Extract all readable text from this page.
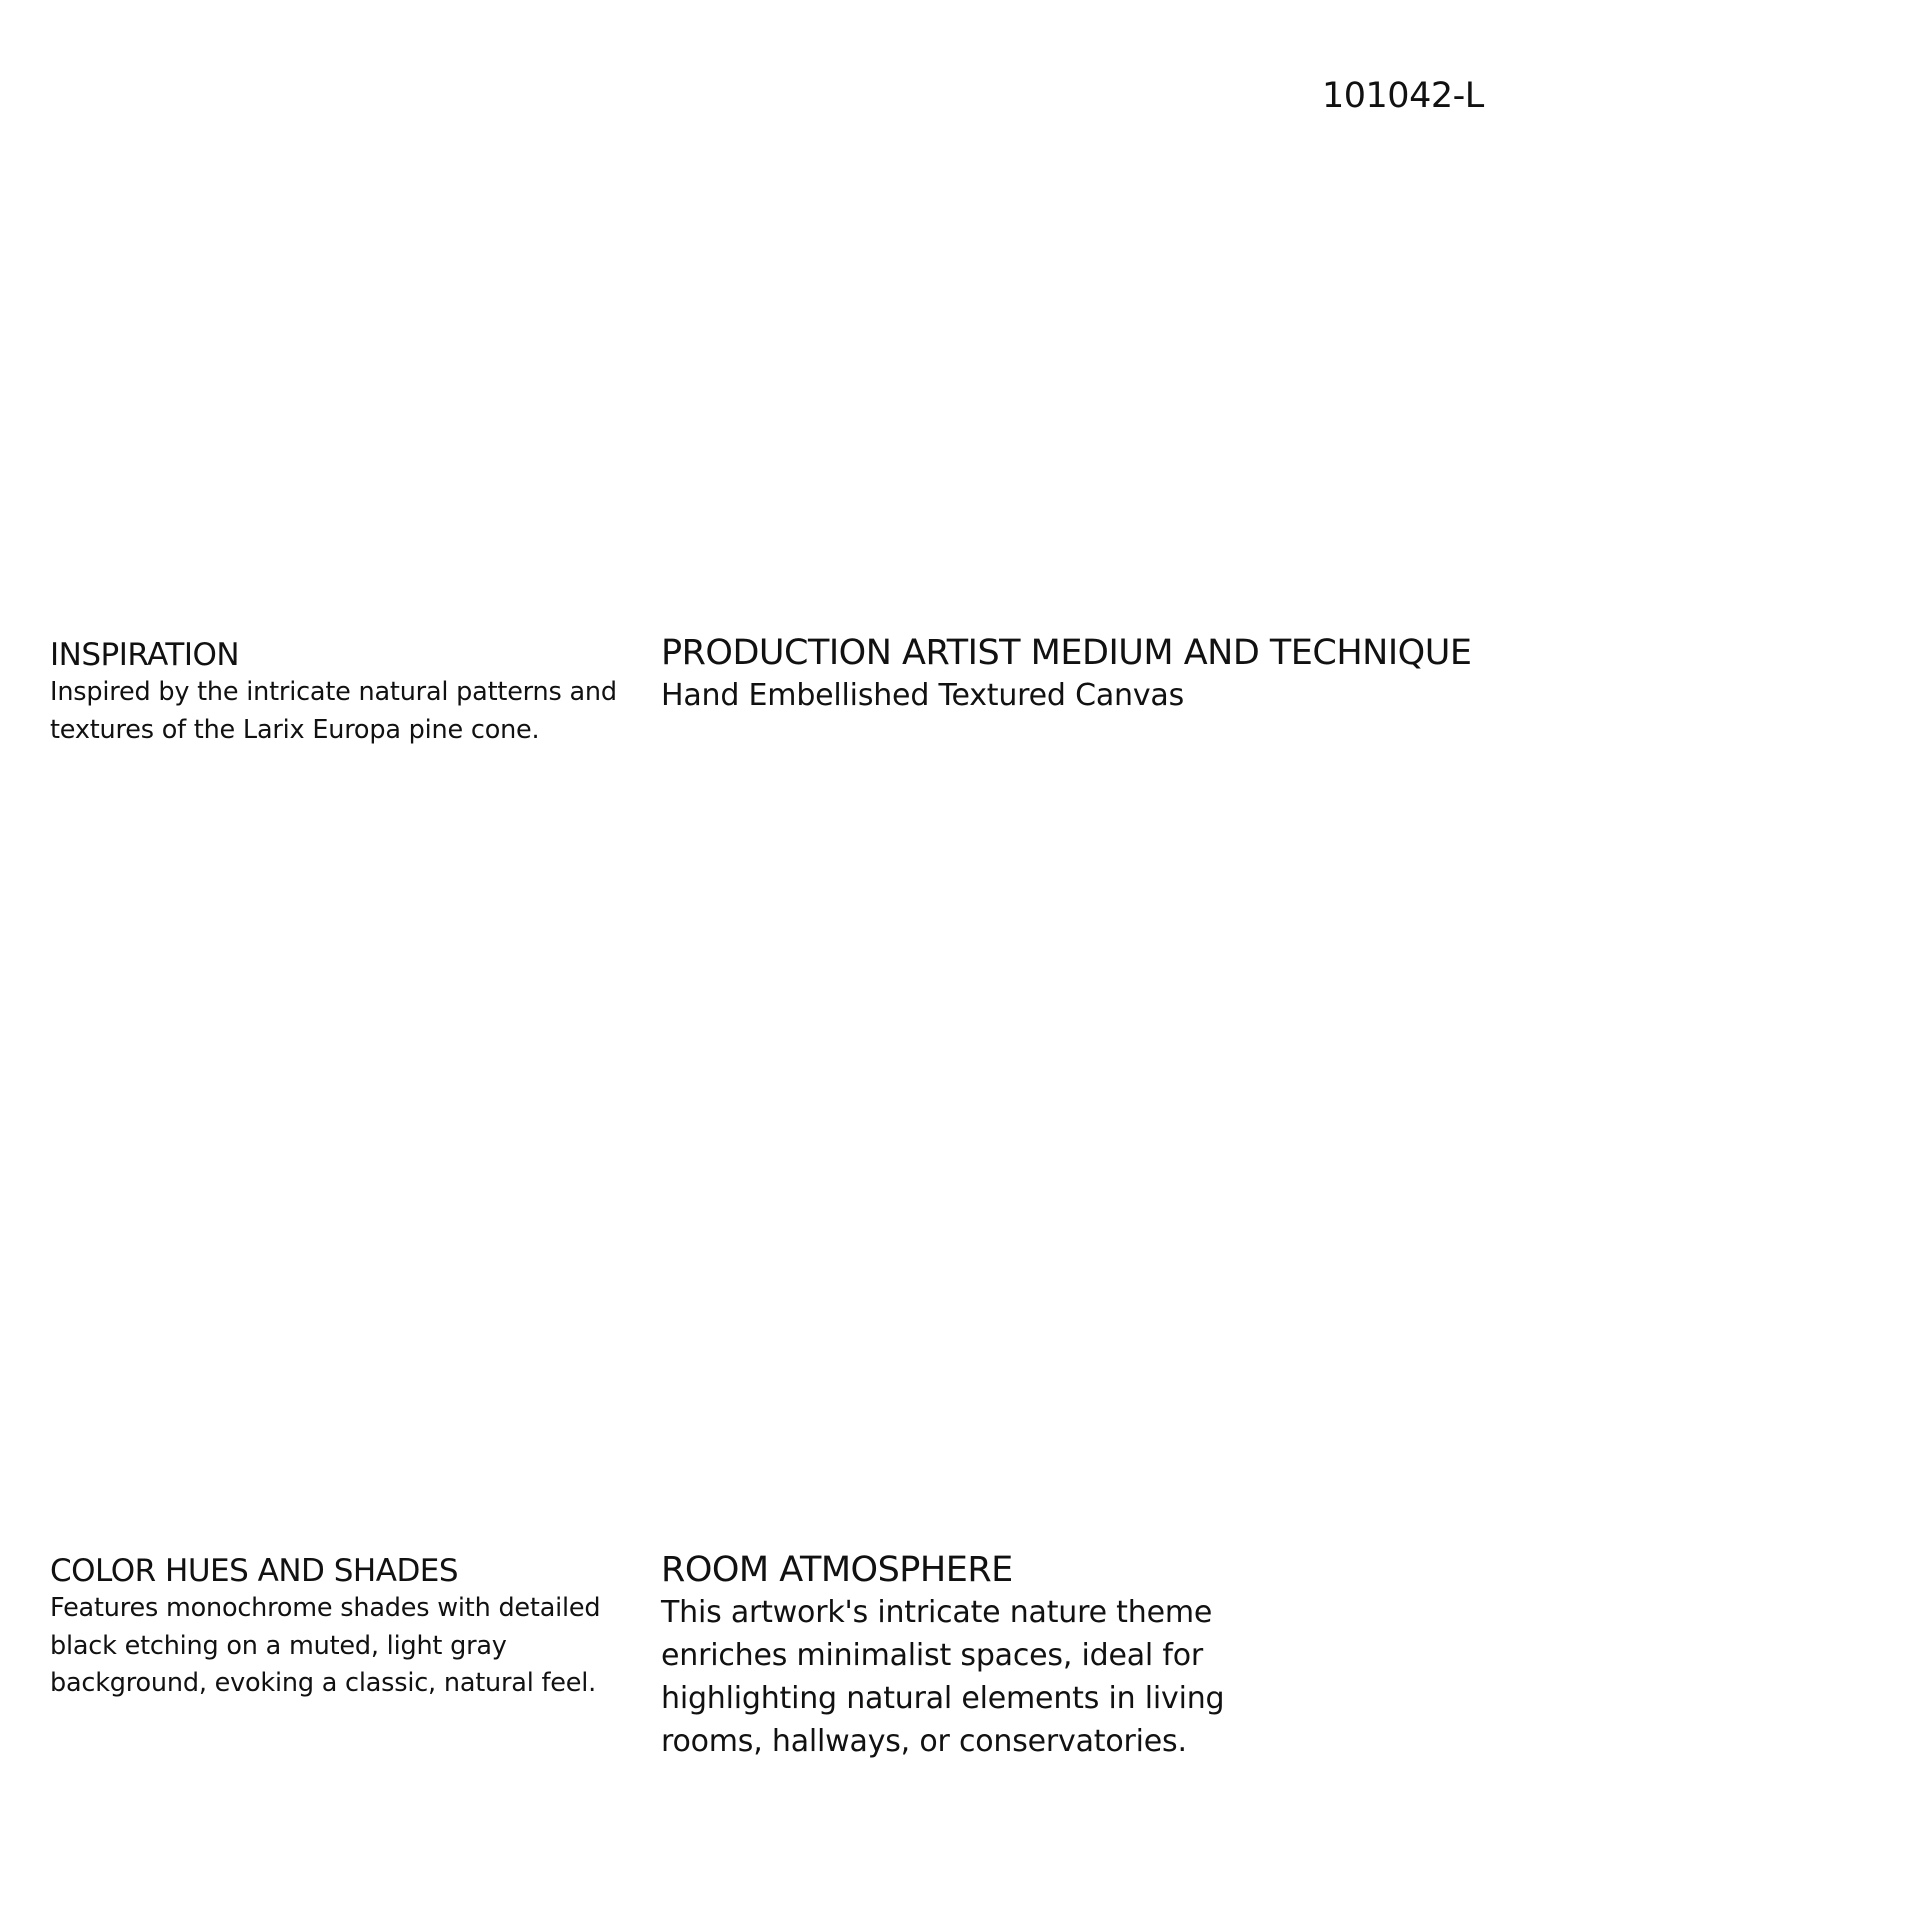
101042-L
INSPIRATION
Inspired by the intricate natural patterns and
textures of the Larix Europa pine cone.
PRODUCTION ARTIST MEDIUM AND TECHNIQUE
Hand Embellished Textured Canvas
COLOR HUES AND SHADES
Features monochrome shades with detailed
black etching on a muted, light gray
background, evoking a classic, natural feel.
ROOM ATMOSPHERE
This artwork's intricate nature theme
enriches minimalist spaces, ideal for
highlighting natural elements in living
rooms, hallways, or conservatories.
